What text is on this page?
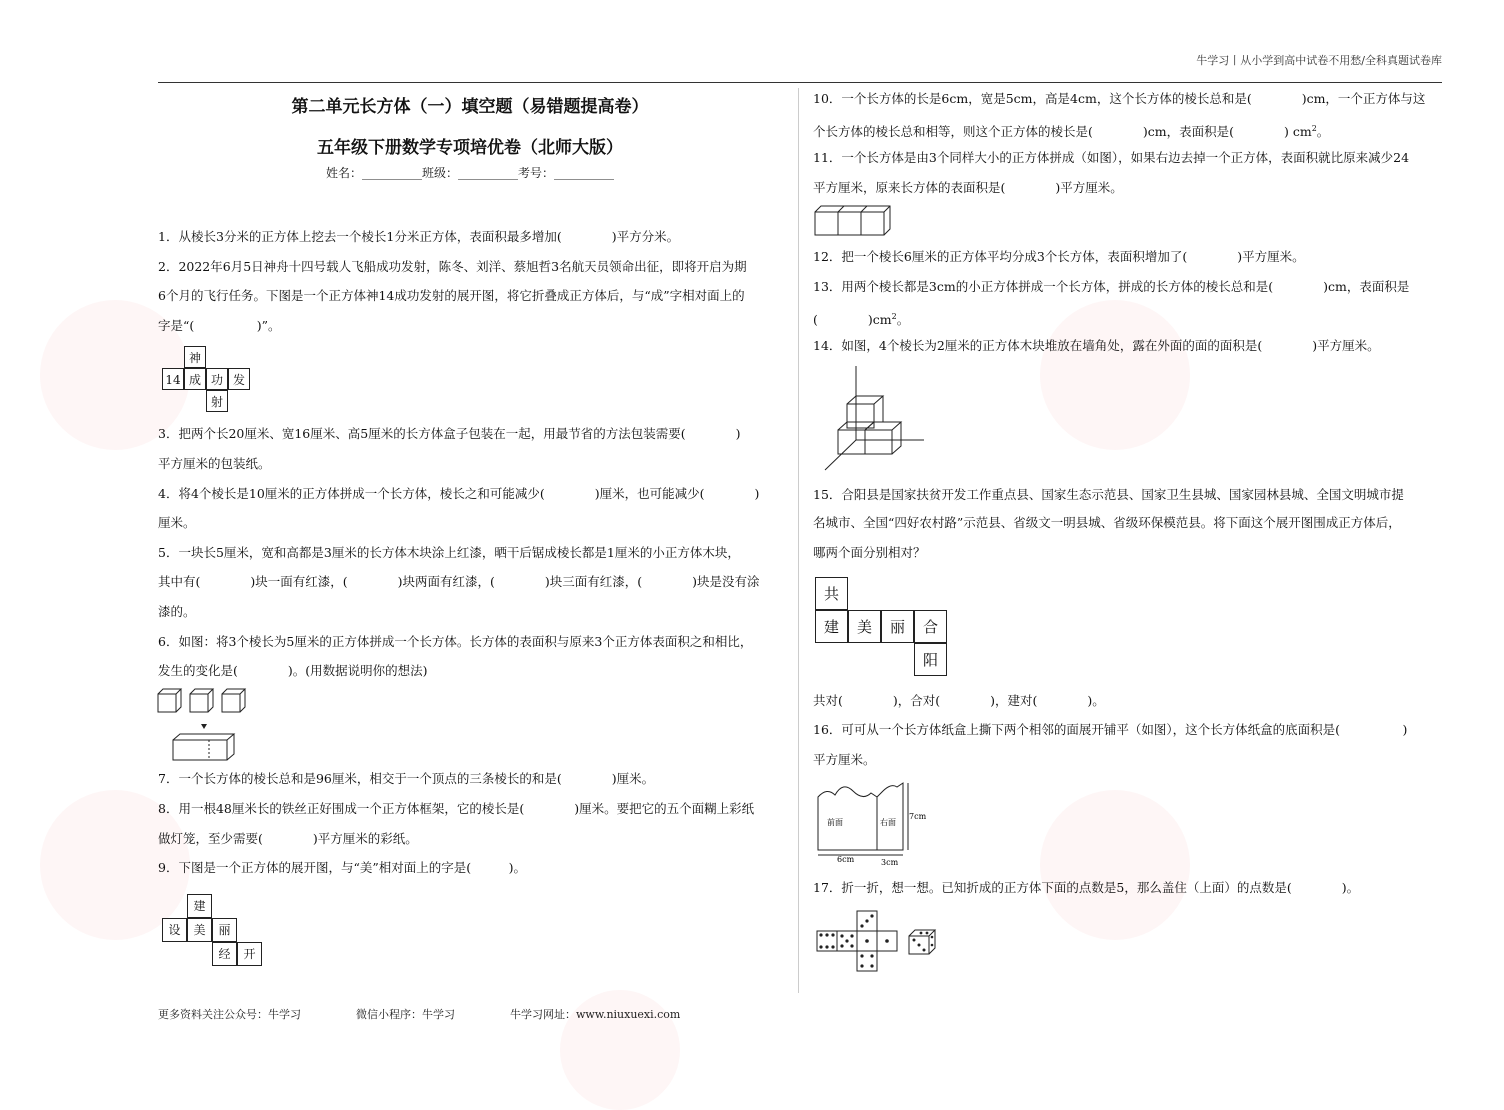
牛学习丨从小学到高中试卷不用愁/全科真题试卷库
第二单元长方体（一）填空题（易错题提高卷）
五年级下册数学专项培优卷（北师大版）
姓名：__________班级：__________考号：__________
1．从棱长3分米的正方体上挖去一个棱长1分米正方体，表面积最多增加(　　　　)平方分米。
2．2022年6月5日神舟十四号载人飞船成功发射，陈冬、刘洋、蔡旭哲3名航天员领命出征，即将开启为期
6个月的飞行任务。下图是一个正方体神14成功发射的展开图，将它折叠成正方体后，与“成”字相对面上的
字是“(　　　　　)”。
神
14 成 功 发
射
3．把两个长20厘米、宽16厘米、高5厘米的长方体盒子包装在一起，用最节省的方法包装需要(　　　　)
平方厘米的包装纸。
4．将4个棱长是10厘米的正方体拼成一个长方体，棱长之和可能减少(　　　　)厘米，也可能减少(　　　　)
厘米。
5．一块长5厘米，宽和高都是3厘米的长方体木块涂上红漆，晒干后锯成棱长都是1厘米的小正方体木块，
其中有(　　　　)块一面有红漆，(　　　　)块两面有红漆，(　　　　)块三面有红漆，(　　　　)块是没有涂
漆的。
6．如图：将3个棱长为5厘米的正方体拼成一个长方体。长方体的表面积与原来3个正方体表面积之和相比，
发生的变化是(　　　　)。(用数据说明你的想法)
7．一个长方体的棱长总和是96厘米，相交于一个顶点的三条棱长的和是(　　　　)厘米。
8．用一根48厘米长的铁丝正好围成一个正方体框架，它的棱长是(　　　　)厘米。要把它的五个面糊上彩纸
做灯笼，至少需要(　　　　)平方厘米的彩纸。
9．下图是一个正方体的展开图，与“美”相对面上的字是(　　　)。
建
设	美	丽
经	开
10．一个长方体的长是6cm，宽是5cm，高是4cm，这个长方体的棱长总和是(　　　　)cm，一个正方体与这
个长方体的棱长总和相等，则这个正方体的棱长是(　　　　)cm，表面积是(　　　　) $cm^2$。
11．一个长方体是由3个同样大小的正方体拼成（如图），如果右边去掉一个正方体，表面积就比原来减少24
平方厘米，原来长方体的表面积是(　　　　)平方厘米。
12．把一个棱长6厘米的正方体平均分成3个长方体，表面积增加了(　　　　)平方厘米。
13．用两个棱长都是3cm的小正方体拼成一个长方体，拼成的长方体的棱长总和是(　　　　)cm，表面积是
(　　　　)$cm^2$。
14．如图，4个棱长为2厘米的正方体木块堆放在墙角处，露在外面的面的面积是(　　　　)平方厘米。
15．合阳县是国家扶贫开发工作重点县、国家生态示范县、国家卫生县城、国家园林县城、全国文明城市提
名城市、全国“四好农村路”示范县、省级文一明县城、省级环保模范县。将下面这个展开图围成正方体后，
哪两个面分别相对？
共
建	美	丽	合
阳
共对(　　　　)，合对(　　　　)，建对(　　　　)。
16．可可从一个长方体纸盒上撕下两个相邻的面展开铺平（如图），这个长方体纸盒的底面积是(　　　　　)
平方厘米。
前面	右面
7cm
6cm	3cm
17．折一折，想一想。已知折成的正方体下面的点数是5，那么盖住（上面）的点数是(　　　　)。
更多资料关注公众号：牛学习	微信小程序：牛学习	牛学习网址：www.niuxuexi.com
